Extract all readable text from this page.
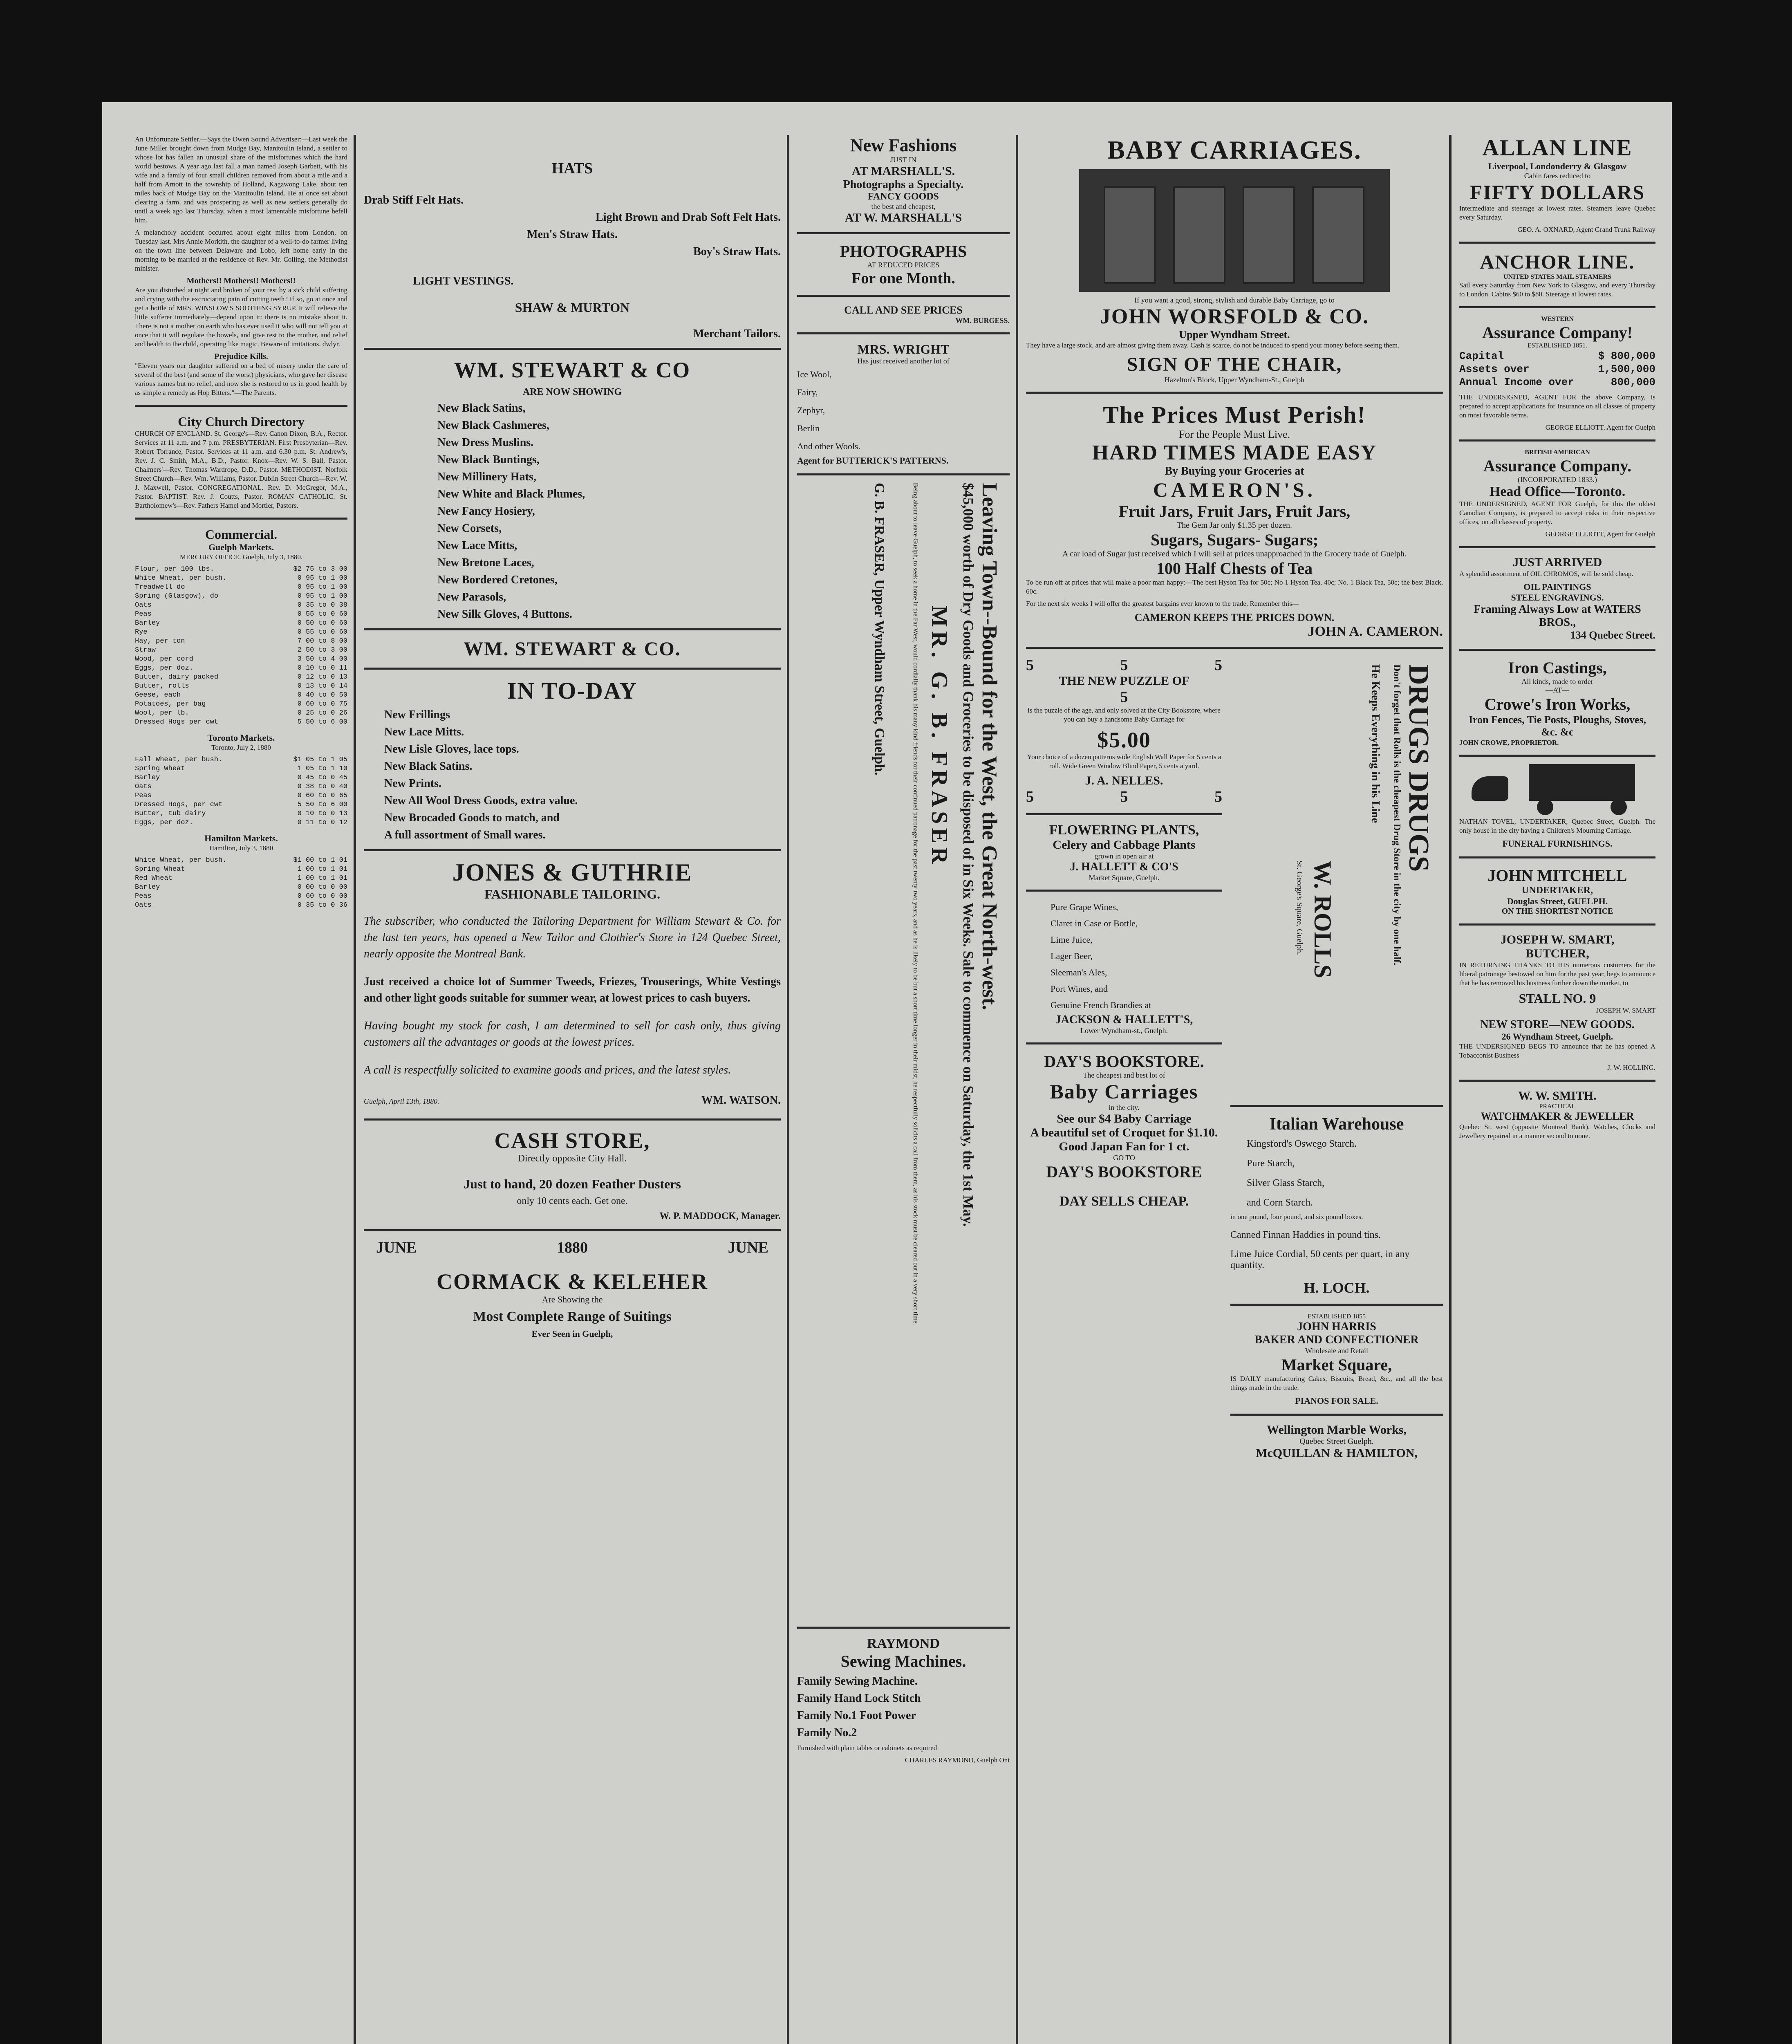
An Unfortunate Settler.—Says the Owen Sound Advertiser:—Last week the June Miller brought down from Mudge Bay, Manitoulin Island, a settler to whose lot has fallen an unusual share of the misfortunes which the hard world bestows. A year ago last fall a man named Joseph Garbett, with his wife and a family of four small children removed from about a mile and a half from Arnott in the township of Holland, Kagawong Lake, about ten miles back of Mudge Bay on the Manitoulin Island. He at once set about clearing a farm, and was prospering as well as new settlers generally do until a week ago last Thursday, when a most lamentable misfortune befell him.

A melancholy accident occurred about eight miles from London, on Tuesday last. Mrs Annie Morkith, the daughter of a well-to-do farmer living on the town line between Delaware and Lobo, left home early in the morning to be married at the residence of Rev. Mr. Colling, the Methodist minister.

Mothers!! Mothers!! Mothers!!

Are you disturbed at night and broken of your rest by a sick child suffering and crying with the excruciating pain of cutting teeth? If so, go at once and get a bottle of MRS. WINSLOW'S SOOTHING SYRUP. It will relieve the little sufferer immediately—depend upon it: there is no mistake about it. There is not a mother on earth who has ever used it who will not tell you at once that it will regulate the bowels, and give rest to the mother, and relief and health to the child, operating like magic. Beware of imitations. dwlyr.

Prejudice Kills.

"Eleven years our daughter suffered on a bed of misery under the care of several of the best (and some of the worst) physicians, who gave her disease various names but no relief, and now she is restored to us in good health by as simple a remedy as Hop Bitters."—The Parents.

City Church Directory

CHURCH OF ENGLAND. St. George's—Rev. Canon Dixon, B.A., Rector. Services at 11 a.m. and 7 p.m. PRESBYTERIAN. First Presbyterian—Rev. Robert Torrance, Pastor. Services at 11 a.m. and 6.30 p.m. St. Andrew's, Rev. J. C. Smith, M.A., B.D., Pastor. Knox—Rev. W. S. Ball, Pastor. Chalmers'—Rev. Thomas Wardrope, D.D., Pastor. METHODIST. Norfolk Street Church—Rev. Wm. Williams, Pastor. Dublin Street Church—Rev. W. J. Maxwell, Pastor. CONGREGATIONAL. Rev. D. McGregor, M.A., Pastor. BAPTIST. Rev. J. Coutts, Pastor. ROMAN CATHOLIC. St. Bartholomew's—Rev. Fathers Hamel and Mortier, Pastors.

Commercial.
Guelph Markets.
MERCURY OFFICE. Guelph, July 3, 1880.
Flour, per 100 lbs.	$2 75 to 3 00
White Wheat, per bush.	0 95 to 1 00
Treadwell do	0 95 to 1 00
Spring (Glasgow), do	0 95 to 1 00
Oats	0 35 to 0 38
Peas	0 55 to 0 60
Barley	0 50 to 0 60
Rye	0 55 to 0 60
Hay, per ton	7 00 to 8 00
Straw	2 50 to 3 00
Wood, per cord	3 50 to 4 00
Eggs, per doz.	0 10 to 0 11
Butter, dairy packed	0 12 to 0 13
Butter, rolls	0 13 to 0 14
Geese, each	0 40 to 0 50
Potatoes, per bag	0 60 to 0 75
Wool, per lb.	0 25 to 0 26
Dressed Hogs per cwt	5 50 to 6 00
Toronto Markets.
Toronto, July 2, 1880
Fall Wheat, per bush.	$1 05 to 1 05
Spring Wheat	1 05 to 1 10
Barley	0 45 to 0 45
Oats	0 38 to 0 40
Peas	0 60 to 0 65
Dressed Hogs, per cwt	5 50 to 6 00
Butter, tub dairy	0 10 to 0 13
Eggs, per doz.	0 11 to 0 12
Hamilton Markets.
Hamilton, July 3, 1880
White Wheat, per bush.	$1 00 to 1 01
Spring Wheat	1 00 to 1 01
Red Wheat	1 00 to 1 01
Barley	0 00 to 0 00
Peas	0 60 to 0 00
Oats	0 35 to 0 36
HATS
Drab Stiff Felt Hats.
Light Brown and Drab Soft Felt Hats.
Men's Straw Hats.
Boy's Straw Hats.
LIGHT VESTINGS.
SHAW & MURTON
Merchant Tailors.
WM. STEWART & CO
ARE NOW SHOWING
New Black Satins,
New Black Cashmeres,
New Dress Muslins.
New Black Buntings,
New Millinery Hats,
New White and Black Plumes,
New Fancy Hosiery,
New Corsets,
New Lace Mitts,
New Bretone Laces,
New Bordered Cretones,
New Parasols,
New Silk Gloves, 4 Buttons.
WM. STEWART & CO.
IN TO-DAY
New Frillings
New Lace Mitts.
New Lisle Gloves, lace tops.
New Black Satins.
New Prints.
New All Wool Dress Goods, extra value.
New Brocaded Goods to match, and
A full assortment of Small wares.
JONES & GUTHRIE
FASHIONABLE TAILORING.

The subscriber, who conducted the Tailoring Department for William Stewart & Co. for the last ten years, has opened a New Tailor and Clothier's Store in 124 Quebec Street, nearly opposite the Montreal Bank.

Just received a choice lot of Summer Tweeds, Friezes, Trouserings, White Vestings and other light goods suitable for summer wear, at lowest prices to cash buyers.

Having bought my stock for cash, I am determined to sell for cash only, thus giving customers all the advantages or goods at the lowest prices.

A call is respectfully solicited to examine goods and prices, and the latest styles.

Guelph, April 13th, 1880.	WM. WATSON.
CASH STORE,
Directly opposite City Hall.
Just to hand, 20 dozen Feather Dusters
only 10 cents each. Get one.
W. P. MADDOCK, Manager.
JUNE	1880	JUNE
CORMACK & KELEHER
Are Showing the
Most Complete Range of Suitings
Ever Seen in Guelph,
New Fashions
JUST IN
AT MARSHALL'S.
Photographs a Specialty.
FANCY GOODS
the best and cheapest,
AT W. MARSHALL'S
PHOTOGRAPHS
AT REDUCED PRICES
For one Month.
CALL AND SEE PRICES
WM. BURGESS.
MRS. WRIGHT
Has just received another lot of
Ice Wool,
Fairy,
Zephyr,
Berlin
And other Wools.
Agent for BUTTERICK'S PATTERNS.
Leaving Town--Bound for the West, the Great North-west.
$45,000 worth of Dry Goods and Groceries to be disposed of in Six Weeks. Sale to commence on Saturday, the 1st May.
MR. G. B. FRASER
Being about to leave Guelph, to seek a home in the Far West, would cordially thank his many kind friends for their continued patronage for the past twenty-two years, and as he is likely to be but a short time longer in their midst, he respectfully solicits a call from them, as his stock must be cleared out in a very short time.
G. B. FRASER, Upper Wyndham Street, Guelph.
RAYMOND
Sewing Machines.
Family Sewing Machine.
Family Hand Lock Stitch
Family No.1 Foot Power
Family No.2
Furnished with plain tables or cabinets as required
CHARLES RAYMOND, Guelph Ont
BABY CARRIAGES.
If you want a good, strong, stylish and durable Baby Carriage, go to
JOHN WORSFOLD & CO.
Upper Wyndham Street.
They have a large stock, and are almost giving them away. Cash is scarce, do not be induced to spend your money before seeing them.
SIGN OF THE CHAIR,
Hazelton's Block, Upper Wyndham-St., Guelph
The Prices Must Perish!
For the People Must Live.
HARD TIMES MADE EASY
By Buying your Groceries at
CAMERON'S.
Fruit Jars, Fruit Jars, Fruit Jars,
The Gem Jar only $1.35 per dozen.
Sugars, Sugars- Sugars;
A car load of Sugar just received which I will sell at prices unapproached in the Grocery trade of Guelph.
100 Half Chests of Tea
To be run off at prices that will make a poor man happy:—The best Hyson Tea for 50c; No 1 Hyson Tea, 40c; No. 1 Black Tea, 50c; the best Black, 60c.
For the next six weeks I will offer the greatest bargains ever known to the trade. Remember this—
CAMERON KEEPS THE PRICES DOWN.
JOHN A. CAMERON.
5	5	5
THE NEW PUZZLE OF
5
is the puzzle of the age, and only solved at the City Bookstore, where you can buy a handsome Baby Carriage for
$5.00
Your choice of a dozen patterns wide English Wall Paper for 5 cents a roll. Wide Green Window Blind Paper, 5 cents a yard.
J. A. NELLES.
5	5	5
FLOWERING PLANTS,
Celery and Cabbage Plants
grown in open air at
J. HALLETT & CO'S
Market Square, Guelph.
Pure Grape Wines,
Claret in Case or Bottle,
Lime Juice,
Lager Beer,
Sleeman's Ales,
Port Wines, and
Genuine French Brandies at
JACKSON & HALLETT'S,
Lower Wyndham-st., Guelph.
DAY'S BOOKSTORE.
The cheapest and best lot of
Baby Carriages
in the city.
See our $4 Baby Carriage
A beautiful set of Croquet for $1.10.
Good Japan Fan for 1 ct.
GO TO
DAY'S BOOKSTORE
DAY SELLS CHEAP.
DRUGS DRUGS
Don't forget that Rolls is the cheapest Drug Store in the city by one half.
He Keeps Everything in his Line
W. ROLLS
St. George's Square, Guelph.
Italian Warehouse
Kingsford's Oswego Starch.
Pure Starch,
Silver Glass Starch,
and Corn Starch.
in one pound, four pound, and six pound boxes.
Canned Finnan Haddies in pound tins.
Lime Juice Cordial, 50 cents per quart, in any quantity.
H. LOCH.
ESTABLISHED 1855
JOHN HARRIS
BAKER AND CONFECTIONER
Wholesale and Retail
Market Square,
IS DAILY manufacturing Cakes, Biscuits, Bread, &c., and all the best things made in the trade.
PIANOS FOR SALE.
Wellington Marble Works,
Quebec Street Guelph.
McQUILLAN & HAMILTON,
ALLAN LINE
Liverpool, Londonderry & Glasgow
Cabin fares reduced to
FIFTY DOLLARS
Intermediate and steerage at lowest rates. Steamers leave Quebec every Saturday.
GEO. A. OXNARD, Agent Grand Trunk Railway
ANCHOR LINE.
UNITED STATES MAIL STEAMERS
Sail every Saturday from New York to Glasgow, and every Thursday to London. Cabins $60 to $80. Steerage at lowest rates.
WESTERN
Assurance Company!
ESTABLISHED 1851.
Capital	$ 800,000
Assets over	1,500,000
Annual Income over	800,000
THE UNDERSIGNED, AGENT FOR the above Company, is prepared to accept applications for Insurance on all classes of property on most favorable terms.
GEORGE ELLIOTT, Agent for Guelph
BRITISH AMERICAN
Assurance Company.
(INCORPORATED 1833.)
Head Office—Toronto.
THE UNDERSIGNED, AGENT FOR Guelph, for this the oldest Canadian Company, is prepared to accept risks in their respective offices, on all classes of property.
GEORGE ELLIOTT, Agent for Guelph
JUST ARRIVED
A splendid assortment of OIL CHROMOS, will be sold cheap.
OIL PAINTINGS
STEEL ENGRAVINGS.
Framing Always Low at WATERS BROS.,
134 Quebec Street.
Iron Castings,
All kinds, made to order
—AT—
Crowe's Iron Works,
Iron Fences, Tie Posts, Ploughs, Stoves, &c. &c
JOHN CROWE, PROPRIETOR.
NATHAN TOVEL, UNDERTAKER, Quebec Street, Guelph. The only house in the city having a Children's Mourning Carriage.
FUNERAL FURNISHINGS.
JOHN MITCHELL
UNDERTAKER,
Douglas Street, GUELPH.
ON THE SHORTEST NOTICE
JOSEPH W. SMART,
BUTCHER,
IN RETURNING THANKS TO HIS numerous customers for the liberal patronage bestowed on him for the past year, begs to announce that he has removed his business further down the market, to
STALL NO. 9
JOSEPH W. SMART
NEW STORE—NEW GOODS.
26 Wyndham Street, Guelph.
THE UNDERSIGNED BEGS TO announce that he has opened A Tobacconist Business
J. W. HOLLING.
W. W. SMITH.
PRACTICAL
WATCHMAKER & JEWELLER
Quebec St. west (opposite Montreal Bank). Watches, Clocks and Jewellery repaired in a manner second to none.
